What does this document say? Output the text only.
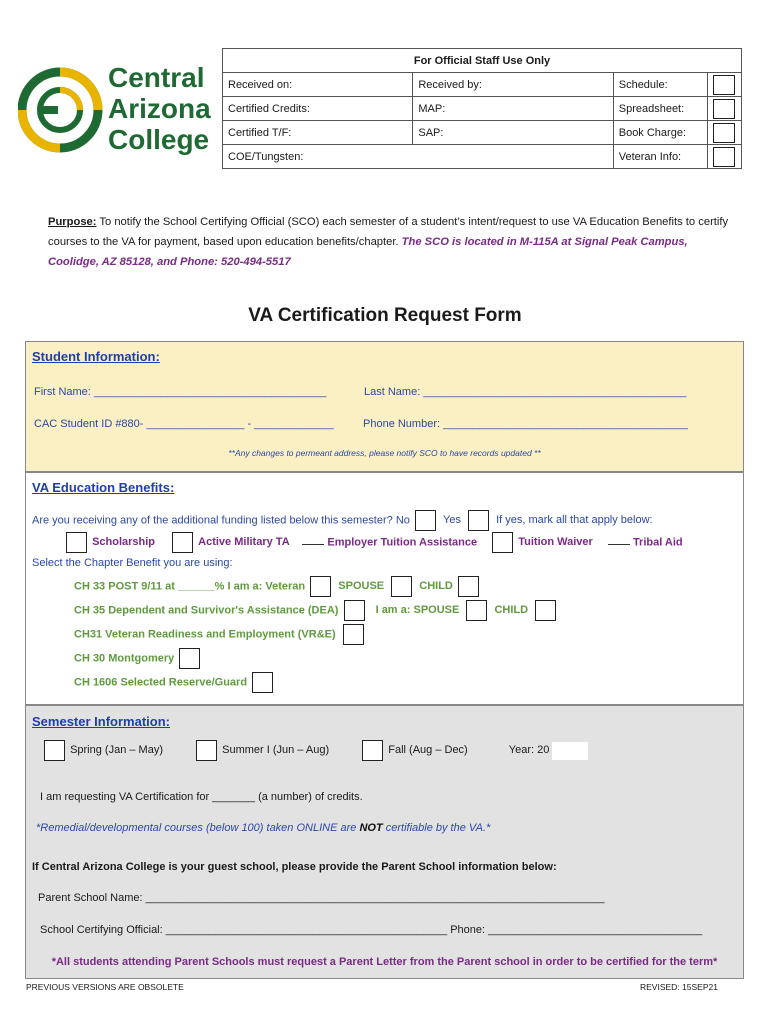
Central
Arizona
College
For Official Staff Use Only			
Received on:	Received by:	Schedule:	
Certified Credits:	MAP:	Spreadsheet:	
Certified T/F:	SAP:	Book Charge:	
COE/Tungsten:		Veteran Info:	
Purpose: To notify the School Certifying Official (SCO) each semester of a student’s intent/request to use VA Education Benefits to certify courses to the VA for payment, based upon education benefits/chapter. The SCO is located in M-115A at Signal Peak Campus, Coolidge, AZ 85128, and Phone: 520-494-5517
VA Certification Request Form
Student Information:
First Name: ______________________________________	Last Name: ___________________________________________
CAC Student ID #880- ________________ - _____________	Phone Number: ________________________________________
**Any changes to permeant address, please notify SCO to have records updated **
VA Education Benefits:
Are you receiving any of the additional funding listed below this semester? No	Yes	If yes, mark all that apply below:
Scholarship	Active Military TA	Employer Tuition Assistance	Tuition Waiver	Tribal Aid
Select the Chapter Benefit you are using:
CH 33 POST 9/11 at ______% I am a: Veteran	SPOUSE	CHILD
CH 35 Dependent and Survivor's Assistance (DEA)	I am a: SPOUSE	CHILD
CH31 Veteran Readiness and Employment (VR&E)
CH 30 Montgomery
CH 1606 Selected Reserve/Guard
Semester Information:
Spring (Jan – May)	Summer I (Jun – Aug)	Fall (Aug – Dec)	Year: 20
I am requesting VA Certification for _______ (a number) of credits.
*Remedial/developmental courses (below 100) taken ONLINE are NOT certifiable by the VA.*
If Central Arizona College is your guest school, please provide the Parent School information below:
Parent School Name: ___________________________________________________________________________
School Certifying Official: ______________________________________________ Phone: ___________________________________
*All students attending Parent Schools must request a Parent Letter from the Parent school in order to be certified for the term*
PREVIOUS VERSIONS ARE OBSOLETE	REVISED: 15SEP21
